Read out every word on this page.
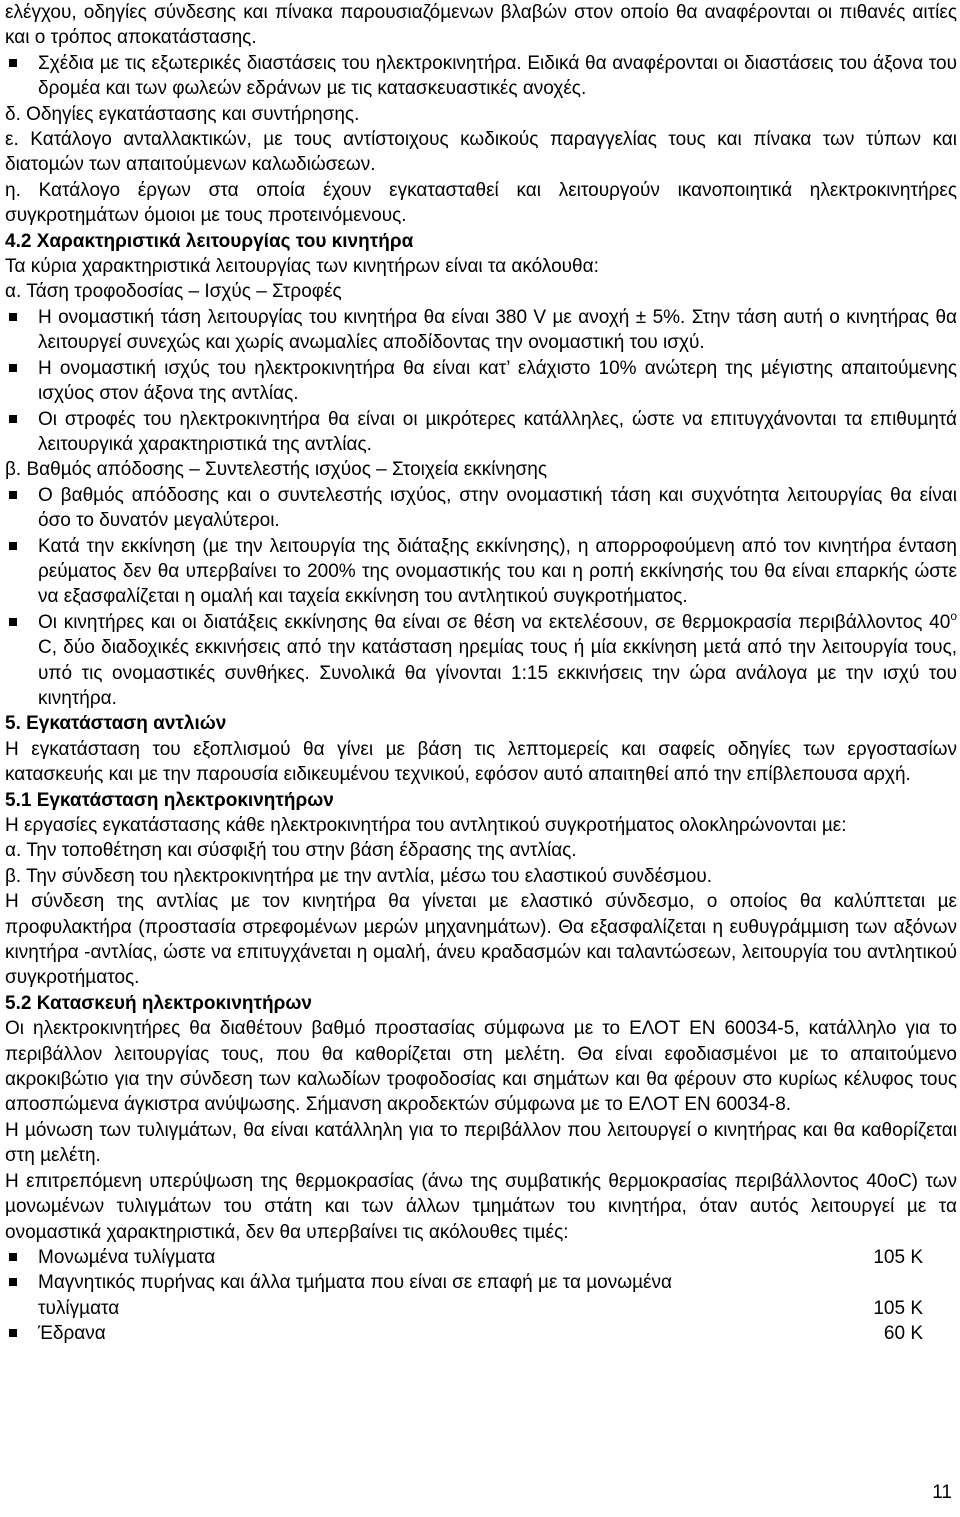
ελέγχου, οδηγίες σύνδεσης και πίνακα παρουσιαζόµενων βλαβών στον οποίο θα αναφέρονται οι πιθανές αιτίες και ο τρόπος αποκατάστασης.

Σχέδια µε τις εξωτερικές διαστάσεις του ηλεκτροκινητήρα. Ειδικά θα αναφέρονται οι διαστάσεις του άξονα του δροµέα και των φωλεών εδράνων µε τις κατασκευαστικές ανοχές.

δ. Οδηγίες εγκατάστασης και συντήρησης.

ε. Κατάλογο ανταλλακτικών, µε τους αντίστοιχους κωδικούς παραγγελίας τους και πίνακα των τύπων και διατοµών των απαιτούµενων καλωδιώσεων.

η. Κατάλογο έργων στα οποία έχουν εγκατασταθεί και λειτουργούν ικανοποιητικά ηλεκτροκινητήρες συγκροτηµάτων όµοιοι µε τους προτεινόµενους.

4.2 Χαρακτηριστικά λειτουργίας του κινητήρα

Τα κύρια χαρακτηριστικά λειτουργίας των κινητήρων είναι τα ακόλουθα:

α. Τάση τροφοδοσίας – Ισχύς – Στροφές

Η ονοµαστική τάση λειτουργίας του κινητήρα θα είναι 380 V µε ανοχή ± 5%. Στην τάση αυτή ο κινητήρας θα λειτουργεί συνεχώς και χωρίς ανωµαλίες αποδίδοντας την ονοµαστική του ισχύ.
Η ονοµαστική ισχύς του ηλεκτροκινητήρα θα είναι κατ’ ελάχιστο 10% ανώτερη της µέγιστης απαιτούµενης ισχύος στον άξονα της αντλίας.
Οι στροφές του ηλεκτροκινητήρα θα είναι οι µικρότερες κατάλληλες, ώστε να επιτυγχάνονται τα επιθυµητά λειτουργικά χαρακτηριστικά της αντλίας.

β. Βαθµός απόδοσης – Συντελεστής ισχύος – Στοιχεία εκκίνησης

Ο βαθµός απόδοσης και ο συντελεστής ισχύος, στην ονοµαστική τάση και συχνότητα λειτουργίας θα είναι όσο το δυνατόν µεγαλύτεροι.
Κατά την εκκίνηση (µε την λειτουργία της διάταξης εκκίνησης), η απορροφούµενη από τον κινητήρα ένταση ρεύµατος δεν θα υπερβαίνει το 200% της ονοµαστικής του και η ροπή εκκίνησής του θα είναι επαρκής ώστε να εξασφαλίζεται η οµαλή και ταχεία εκκίνηση του αντλητικού συγκροτήµατος.
Οι κινητήρες και οι διατάξεις εκκίνησης θα είναι σε θέση να εκτελέσουν, σε θερµοκρασία περιβάλλοντος $40^o$ C, δύο διαδοχικές εκκινήσεις από την κατάσταση ηρεµίας τους ή µία εκκίνηση µετά από την λειτουργία τους, υπό τις ονοµαστικές συνθήκες. Συνολικά θα γίνονται 1:15 εκκινήσεις την ώρα ανάλογα µε την ισχύ του κινητήρα.

5. Εγκατάσταση αντλιών

Η εγκατάσταση του εξοπλισµού θα γίνει µε βάση τις λεπτοµερείς και σαφείς οδηγίες των εργοστασίων κατασκευής και µε την παρουσία ειδικευµένου τεχνικού, εφόσον αυτό απαιτηθεί από την επίβλεπουσα αρχή.

5.1 Εγκατάσταση ηλεκτροκινητήρων

Η εργασίες εγκατάστασης κάθε ηλεκτροκινητήρα του αντλητικού συγκροτήµατος ολοκληρώνονται µε:

α. Την τοποθέτηση και σύσφιξή του στην βάση έδρασης της αντλίας.

β. Την σύνδεση του ηλεκτροκινητήρα µε την αντλία, µέσω του ελαστικού συνδέσµου.

Η σύνδεση της αντλίας µε τον κινητήρα θα γίνεται µε ελαστικό σύνδεσµο, ο οποίος θα καλύπτεται µε προφυλακτήρα (προστασία στρεφοµένων µερών µηχανηµάτων). Θα εξασφαλίζεται η ευθυγράµµιση των αξόνων κινητήρα -αντλίας, ώστε να επιτυγχάνεται η οµαλή, άνευ κραδασµών και ταλαντώσεων, λειτουργία του αντλητικού συγκροτήµατος.

5.2 Κατασκευή ηλεκτροκινητήρων

Οι ηλεκτροκινητήρες θα διαθέτουν βαθµό προστασίας σύµφωνα µε το ΕΛΟΤ ΕΝ 60034-5, κατάλληλο για το περιβάλλον λειτουργίας τους, που θα καθορίζεται στη µελέτη. Θα είναι εφοδιασµένοι µε το απαιτούµενο ακροκιβώτιο για την σύνδεση των καλωδίων τροφοδοσίας και σηµάτων και θα φέρουν στο κυρίως κέλυφος τους αποσπώµενα άγκιστρα ανύψωσης. Σήµανση ακροδεκτών σύµφωνα µε το ΕΛΟΤ ΕΝ 60034-8.

Η µόνωση των τυλιγµάτων, θα είναι κατάλληλη για το περιβάλλον που λειτουργεί ο κινητήρας και θα καθορίζεται στη µελέτη.

Η επιτρεπόµενη υπερύψωση της θερµοκρασίας (άνω της συµβατικής θερµοκρασίας περιβάλλοντος 40οC) των µονωµένων τυλιγµάτων του στάτη και των άλλων τµηµάτων του κινητήρα, όταν αυτός λειτουργεί µε τα ονοµαστικά χαρακτηριστικά, δεν θα υπερβαίνει τις ακόλουθες τιµές:

Μονωµένα τυλίγµατα	105 K
Μαγνητικός πυρήνας και άλλα τµήµατα που είναι σε επαφή µε τα µονωµένα
τυλίγµατα	105 K
Έδρανα	60 K
11
